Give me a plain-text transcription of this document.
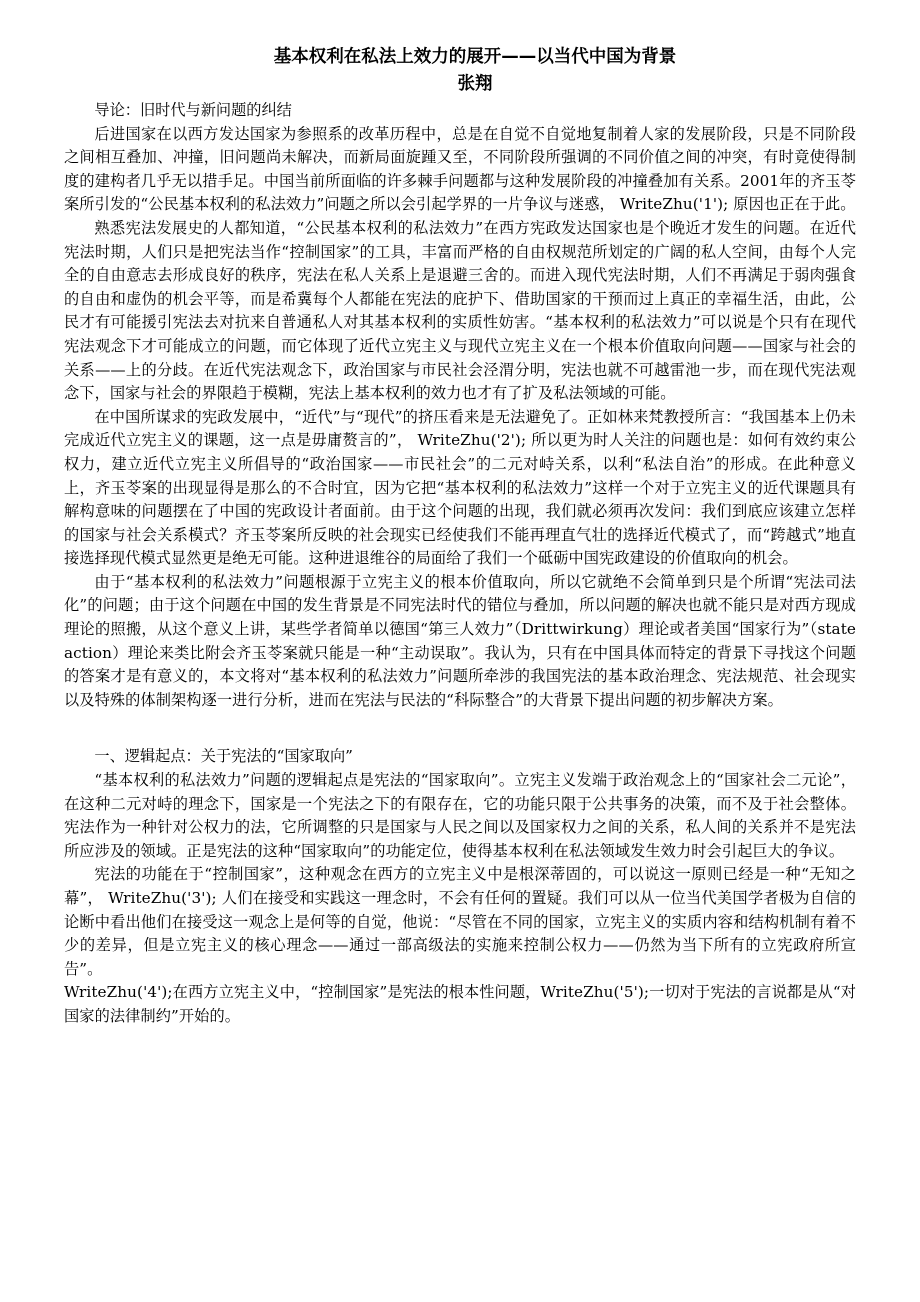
基本权利在私法上效力的展开——以当代中国为背景
张翔

导论：旧时代与新问题的纠结

后进国家在以西方发达国家为参照系的改革历程中，总是在自觉不自觉地复制着人家的发展阶段，只是不同阶段之间相互叠加、冲撞，旧问题尚未解决，而新局面旋踵又至，不同阶段所强调的不同价值之间的冲突，有时竟使得制度的建构者几乎无以措手足。中国当前所面临的许多棘手问题都与这种发展阶段的冲撞叠加有关系。2001年的齐玉苓案所引发的“公民基本权利的私法效力”问题之所以会引起学界的一片争议与迷惑， WriteZhu('1'); 原因也正在于此。

熟悉宪法发展史的人都知道，“公民基本权利的私法效力”在西方宪政发达国家也是个晚近才发生的问题。在近代宪法时期，人们只是把宪法当作“控制国家”的工具，丰富而严格的自由权规范所划定的广阔的私人空间，由每个人完全的自由意志去形成良好的秩序，宪法在私人关系上是退避三舍的。而进入现代宪法时期，人们不再满足于弱肉强食的自由和虚伪的机会平等，而是希冀每个人都能在宪法的庇护下、借助国家的干预而过上真正的幸福生活，由此，公民才有可能援引宪法去对抗来自普通私人对其基本权利的实质性妨害。“基本权利的私法效力”可以说是个只有在现代宪法观念下才可能成立的问题，而它体现了近代立宪主义与现代立宪主义在一个根本价值取向问题——国家与社会的关系——上的分歧。在近代宪法观念下，政治国家与市民社会泾渭分明，宪法也就不可越雷池一步，而在现代宪法观念下，国家与社会的界限趋于模糊，宪法上基本权利的效力也才有了扩及私法领域的可能。

在中国所谋求的宪政发展中，“近代”与“现代”的挤压看来是无法避免了。正如林来梵教授所言：“我国基本上仍未完成近代立宪主义的课题，这一点是毋庸赘言的”， WriteZhu('2'); 所以更为时人关注的问题也是：如何有效约束公权力，建立近代立宪主义所倡导的“政治国家——市民社会”的二元对峙关系，以利“私法自治”的形成。在此种意义上，齐玉苓案的出现显得是那么的不合时宜，因为它把“基本权利的私法效力”这样一个对于立宪主义的近代课题具有解构意味的问题摆在了中国的宪政设计者面前。由于这个问题的出现，我们就必须再次发问：我们到底应该建立怎样的国家与社会关系模式？齐玉苓案所反映的社会现实已经使我们不能再理直气壮的选择近代模式了，而“跨越式”地直接选择现代模式显然更是绝无可能。这种进退维谷的局面给了我们一个砥砺中国宪政建设的价值取向的机会。

由于“基本权利的私法效力”问题根源于立宪主义的根本价值取向，所以它就绝不会简单到只是个所谓“宪法司法化”的问题；由于这个问题在中国的发生背景是不同宪法时代的错位与叠加，所以问题的解决也就不能只是对西方现成理论的照搬，从这个意义上讲，某些学者简单以德国“第三人效力”（Drittwirkung）理论或者美国“国家行为”（state action）理论来类比附会齐玉苓案就只能是一种“主动误取”。我认为，只有在中国具体而特定的背景下寻找这个问题的答案才是有意义的，本文将对“基本权利的私法效力”问题所牵涉的我国宪法的基本政治理念、宪法规范、社会现实以及特殊的体制架构逐一进行分析，进而在宪法与民法的“科际整合”的大背景下提出问题的初步解决方案。

一、逻辑起点：关于宪法的“国家取向”

“基本权利的私法效力”问题的逻辑起点是宪法的“国家取向”。立宪主义发端于政治观念上的“国家社会二元论”，在这种二元对峙的理念下，国家是一个宪法之下的有限存在，它的功能只限于公共事务的决策，而不及于社会整体。宪法作为一种针对公权力的法，它所调整的只是国家与人民之间以及国家权力之间的关系，私人间的关系并不是宪法所应涉及的领域。正是宪法的这种“国家取向”的功能定位，使得基本权利在私法领域发生效力时会引起巨大的争议。

宪法的功能在于“控制国家”，这种观念在西方的立宪主义中是根深蒂固的，可以说这一原则已经是一种“无知之幕”， WriteZhu('3'); 人们在接受和实践这一理念时，不会有任何的置疑。我们可以从一位当代美国学者极为自信的论断中看出他们在接受这一观念上是何等的自觉，他说：“尽管在不同的国家，立宪主义的实质内容和结构机制有着不少的差异，但是立宪主义的核心理念——通过一部高级法的实施来控制公权力——仍然为当下所有的立宪政府所宣告”。

WriteZhu('4');在西方立宪主义中，“控制国家”是宪法的根本性问题，WriteZhu('5');一切对于宪法的言说都是从“对国家的法律制约”开始的。
